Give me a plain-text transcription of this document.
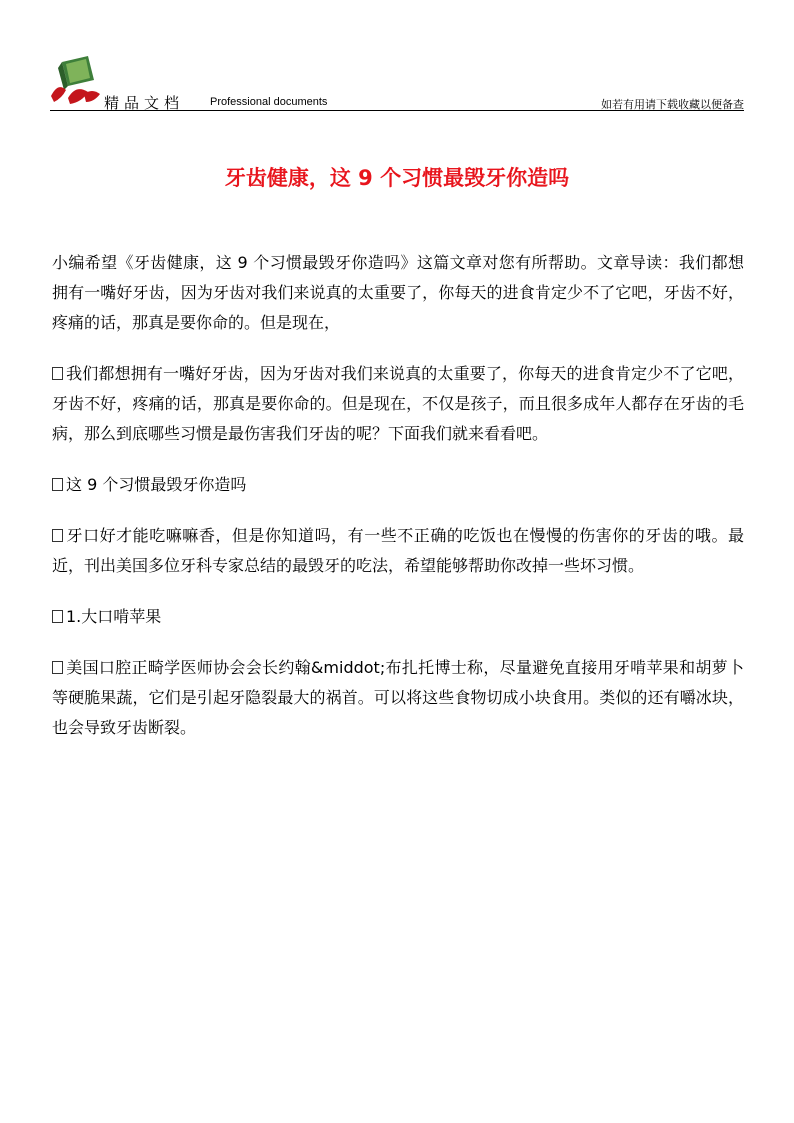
精品文档 Professional documents	如若有用请下载收藏以便备查
牙齿健康，这 9 个习惯最毁牙你造吗

小编希望《牙齿健康，这 9 个习惯最毁牙你造吗》这篇文章对您有所帮助。文章导读：我们都想拥有一嘴好牙齿，因为牙齿对我们来说真的太重要了，你每天的进食肯定少不了它吧，牙齿不好，疼痛的话，那真是要你命的。但是现在，

我们都想拥有一嘴好牙齿，因为牙齿对我们来说真的太重要了，你每天的进食肯定少不了它吧，牙齿不好，疼痛的话，那真是要你命的。但是现在，不仅是孩子，而且很多成年人都存在牙齿的毛病，那么到底哪些习惯是最伤害我们牙齿的呢？下面我们就来看看吧。

这 9 个习惯最毁牙你造吗

牙口好才能吃嘛嘛香，但是你知道吗，有一些不正确的吃饭也在慢慢的伤害你的牙齿的哦。最近，刊出美国多位牙科专家总结的最毁牙的吃法，希望能够帮助你改掉一些坏习惯。

1.大口啃苹果

美国口腔正畸学医师协会会长约翰&middot;布扎托博士称，尽量避免直接用牙啃苹果和胡萝卜等硬脆果蔬，它们是引起牙隐裂最大的祸首。可以将这些食物切成小块食用。类似的还有嚼冰块，也会导致牙齿断裂。
